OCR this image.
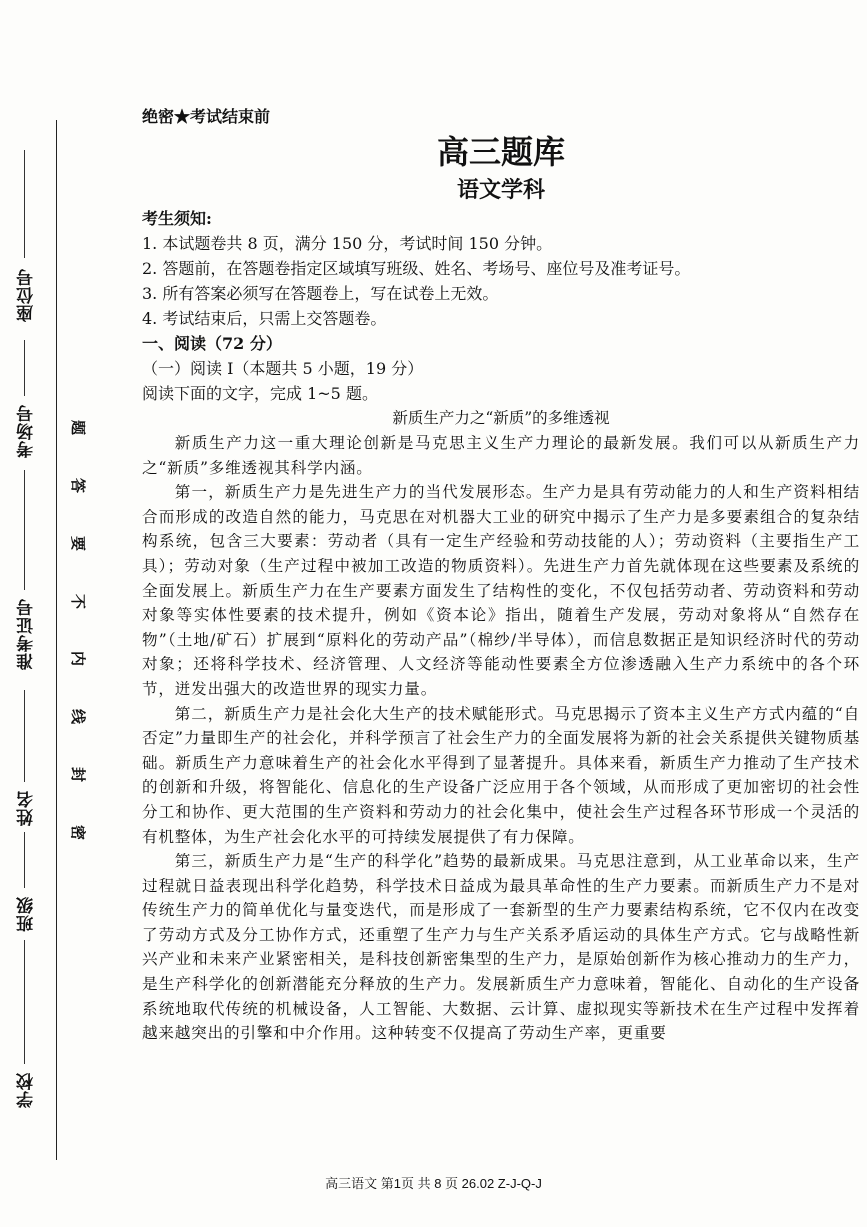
座位号
考场号
准考证号
姓名
班级
学校
题
答
要
不
内
线
封
密

绝密★考试结束前

高三题库
语文学科

考生须知:

1. 本试题卷共 8 页，满分 150 分，考试时间 150 分钟。

2. 答题前，在答题卷指定区域填写班级、姓名、考场号、座位号及准考证号。

3. 所有答案必须写在答题卷上，写在试卷上无效。

4. 考试结束后，只需上交答题卷。

一、阅读（72 分）

（一）阅读 I（本题共 5 小题，19 分）

阅读下面的文字，完成 1~5 题。

新质生产力之“新质”的多维透视

新质生产力这一重大理论创新是马克思主义生产力理论的最新发展。我们可以从新质生产力之“新质”多维透视其科学内涵。

第一，新质生产力是先进生产力的当代发展形态。生产力是具有劳动能力的人和生产资料相结合而形成的改造自然的能力，马克思在对机器大工业的研究中揭示了生产力是多要素组合的复杂结构系统，包含三大要素：劳动者（具有一定生产经验和劳动技能的人）；劳动资料（主要指生产工具）；劳动对象（生产过程中被加工改造的物质资料）。先进生产力首先就体现在这些要素及系统的全面发展上。新质生产力在生产要素方面发生了结构性的变化，不仅包括劳动者、劳动资料和劳动对象等实体性要素的技术提升，例如《资本论》指出，随着生产发展，劳动对象将从“自然存在物”（土地/矿石）扩展到“原料化的劳动产品”（棉纱/半导体），而信息数据正是知识经济时代的劳动对象；还将科学技术、经济管理、人文经济等能动性要素全方位渗透融入生产力系统中的各个环节，迸发出强大的改造世界的现实力量。

第二，新质生产力是社会化大生产的技术赋能形式。马克思揭示了资本主义生产方式内蕴的“自否定”力量即生产的社会化，并科学预言了社会生产力的全面发展将为新的社会关系提供关键物质基础。新质生产力意味着生产的社会化水平得到了显著提升。具体来看，新质生产力推动了生产技术的创新和升级，将智能化、信息化的生产设备广泛应用于各个领域，从而形成了更加密切的社会性分工和协作、更大范围的生产资料和劳动力的社会化集中，使社会生产过程各环节形成一个灵活的有机整体，为生产社会化水平的可持续发展提供了有力保障。

第三，新质生产力是“生产的科学化”趋势的最新成果。马克思注意到，从工业革命以来，生产过程就日益表现出科学化趋势，科学技术日益成为最具革命性的生产力要素。而新质生产力不是对传统生产力的简单优化与量变迭代，而是形成了一套新型的生产力要素结构系统，它不仅内在改变了劳动方式及分工协作方式，还重塑了生产力与生产关系矛盾运动的具体生产方式。它与战略性新兴产业和未来产业紧密相关，是科技创新密集型的生产力，是原始创新作为核心推动力的生产力，是生产科学化的创新潜能充分释放的生产力。发展新质生产力意味着，智能化、自动化的生产设备系统地取代传统的机械设备，人工智能、大数据、云计算、虚拟现实等新技术在生产过程中发挥着越来越突出的引擎和中介作用。这种转变不仅提高了劳动生产率，更重要

高三语文 第1页 共 8 页 26.02 Z-J-Q-J
